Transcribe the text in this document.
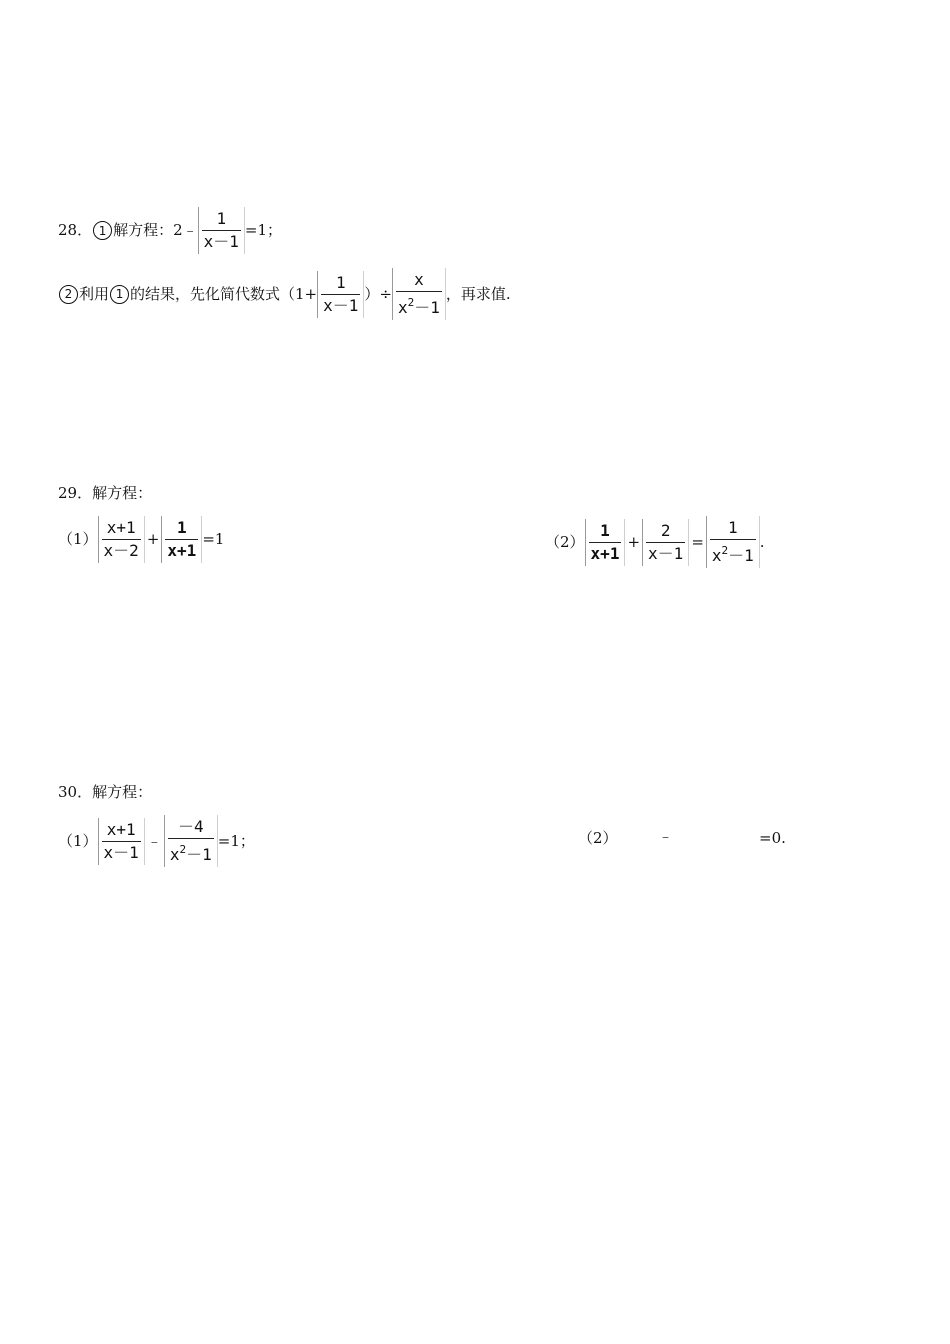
28． 1 解方程：2﹣ $\frac{1}{x-1} =1$；
2 利用 1 的结果，先化简代数式（$1+ \frac{1}{x-1}$ ）÷ $\frac{x}{x^2-1}$ ，再求值.
29．解方程：
$(1) \frac{x+1}{x-2} + \frac{1}{x+1} =1$	$(2) \frac{1}{x+1} + \frac{2}{x-1} = \frac{1}{x^2-1}$ .
30．解方程：
$(1) \frac{x+1}{x-1}$ ﹣ $\frac{-4}{x^2-1} =1$；	（2）	﹣	=0.
